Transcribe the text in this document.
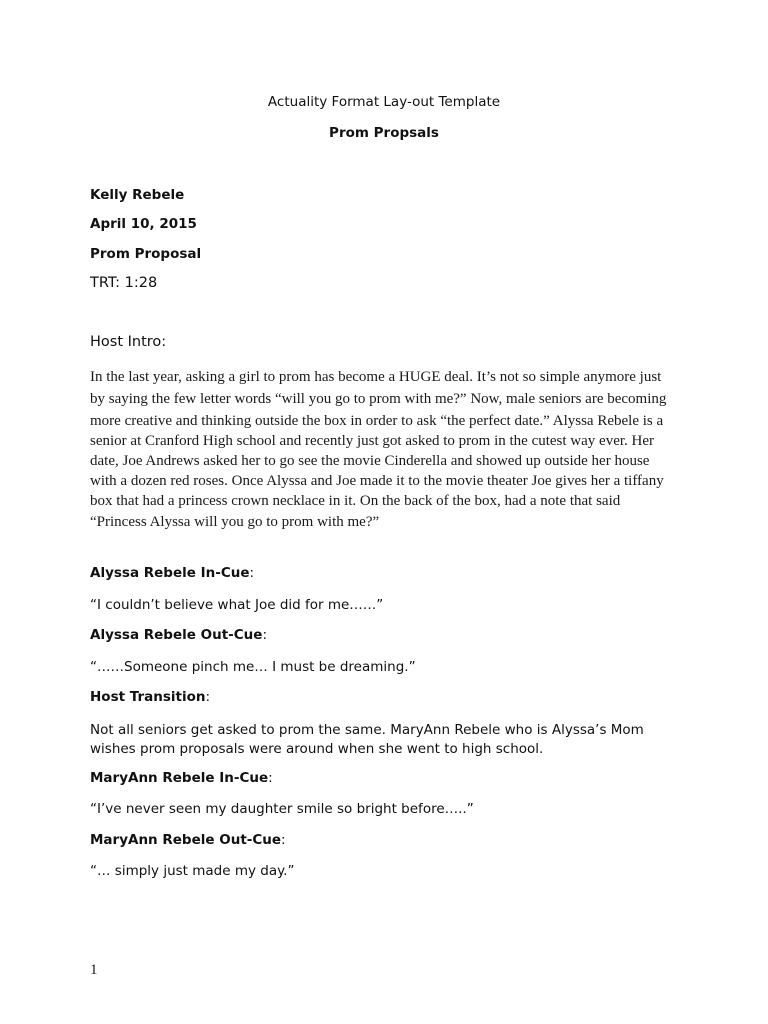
Actuality Format Lay-out Template

Prom Propsals

Kelly Rebele

April 10, 2015

Prom Proposal

TRT: 1:28

Host Intro:

In the last year, asking a girl to prom has become a HUGE deal. It’s not so simple anymore just
by saying the few letter words “will you go to prom with me?” Now, male seniors are becoming
more creative and thinking outside the box in order to ask “the perfect date.” Alyssa Rebele is a
senior at Cranford High school and recently just got asked to prom in the cutest way ever. Her
date, Joe Andrews asked her to go see the movie Cinderella and showed up outside her house
with a dozen red roses. Once Alyssa and Joe made it to the movie theater Joe gives her a tiffany
box that had a princess crown necklace in it. On the back of the box, had a note that said
“Princess Alyssa will you go to prom with me?”

Alyssa Rebele In-Cue:

“I couldn’t believe what Joe did for me……”

Alyssa Rebele Out-Cue:

“……Someone pinch me… I must be dreaming.”

Host Transition:

Not all seniors get asked to prom the same. MaryAnn Rebele who is Alyssa’s Mom wishes prom proposals were around when she went to high school.

MaryAnn Rebele In-Cue:

“I’ve never seen my daughter smile so bright before…..”

MaryAnn Rebele Out-Cue:

“… simply just made my day.”

1
